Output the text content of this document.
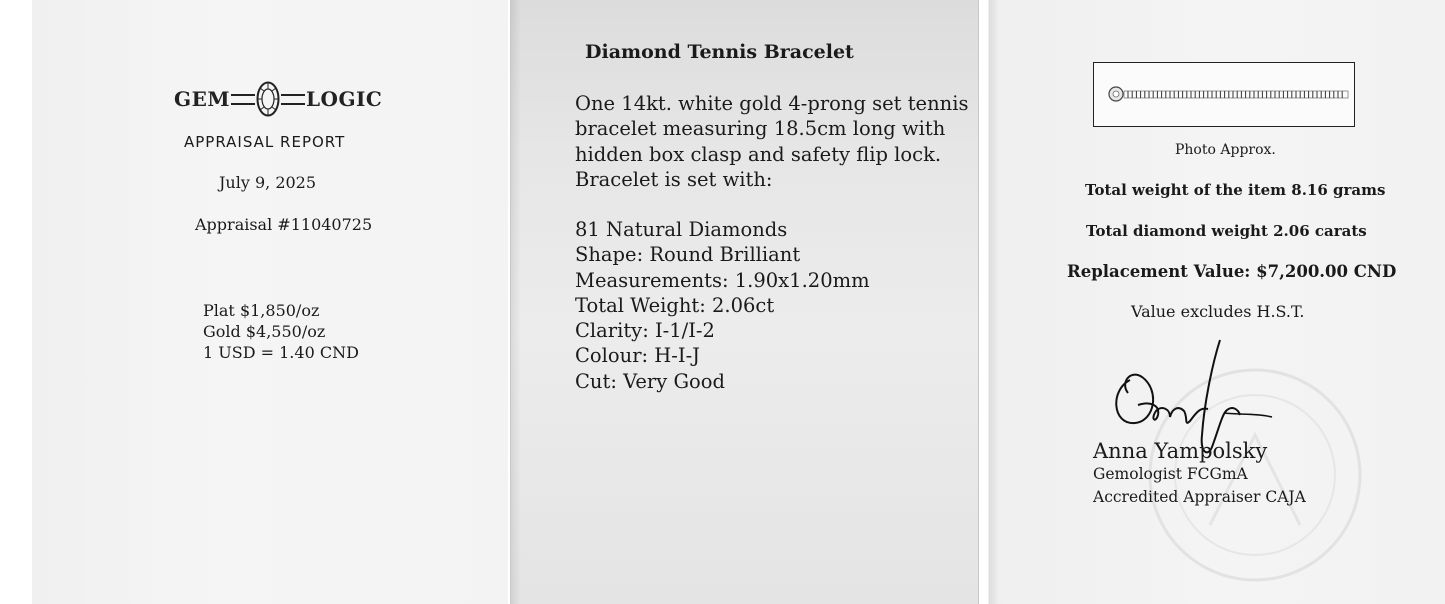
GEM	LOGIC
APPRAISAL REPORT
July 9, 2025
Appraisal #11040725
Plat $1,850/oz
Gold $4,550/oz
1 USD = 1.40 CND
Diamond Tennis Bracelet
One 14kt. white gold 4-prong set tennis bracelet measuring 18.5cm long with hidden box clasp and safety flip lock. Bracelet is set with:
81 Natural Diamonds
Shape: Round Brilliant
Measurements: 1.90x1.20mm
Total Weight: 2.06ct
Clarity: I-1/I-2
Colour: H-I-J
Cut: Very Good
Photo Approx.
Total weight of the item 8.16 grams
Total diamond weight 2.06 carats
Replacement Value: $7,200.00 CND
Value excludes H.S.T.
Anna Yampolsky
Gemologist FCGmA
Accredited Appraiser CAJA
